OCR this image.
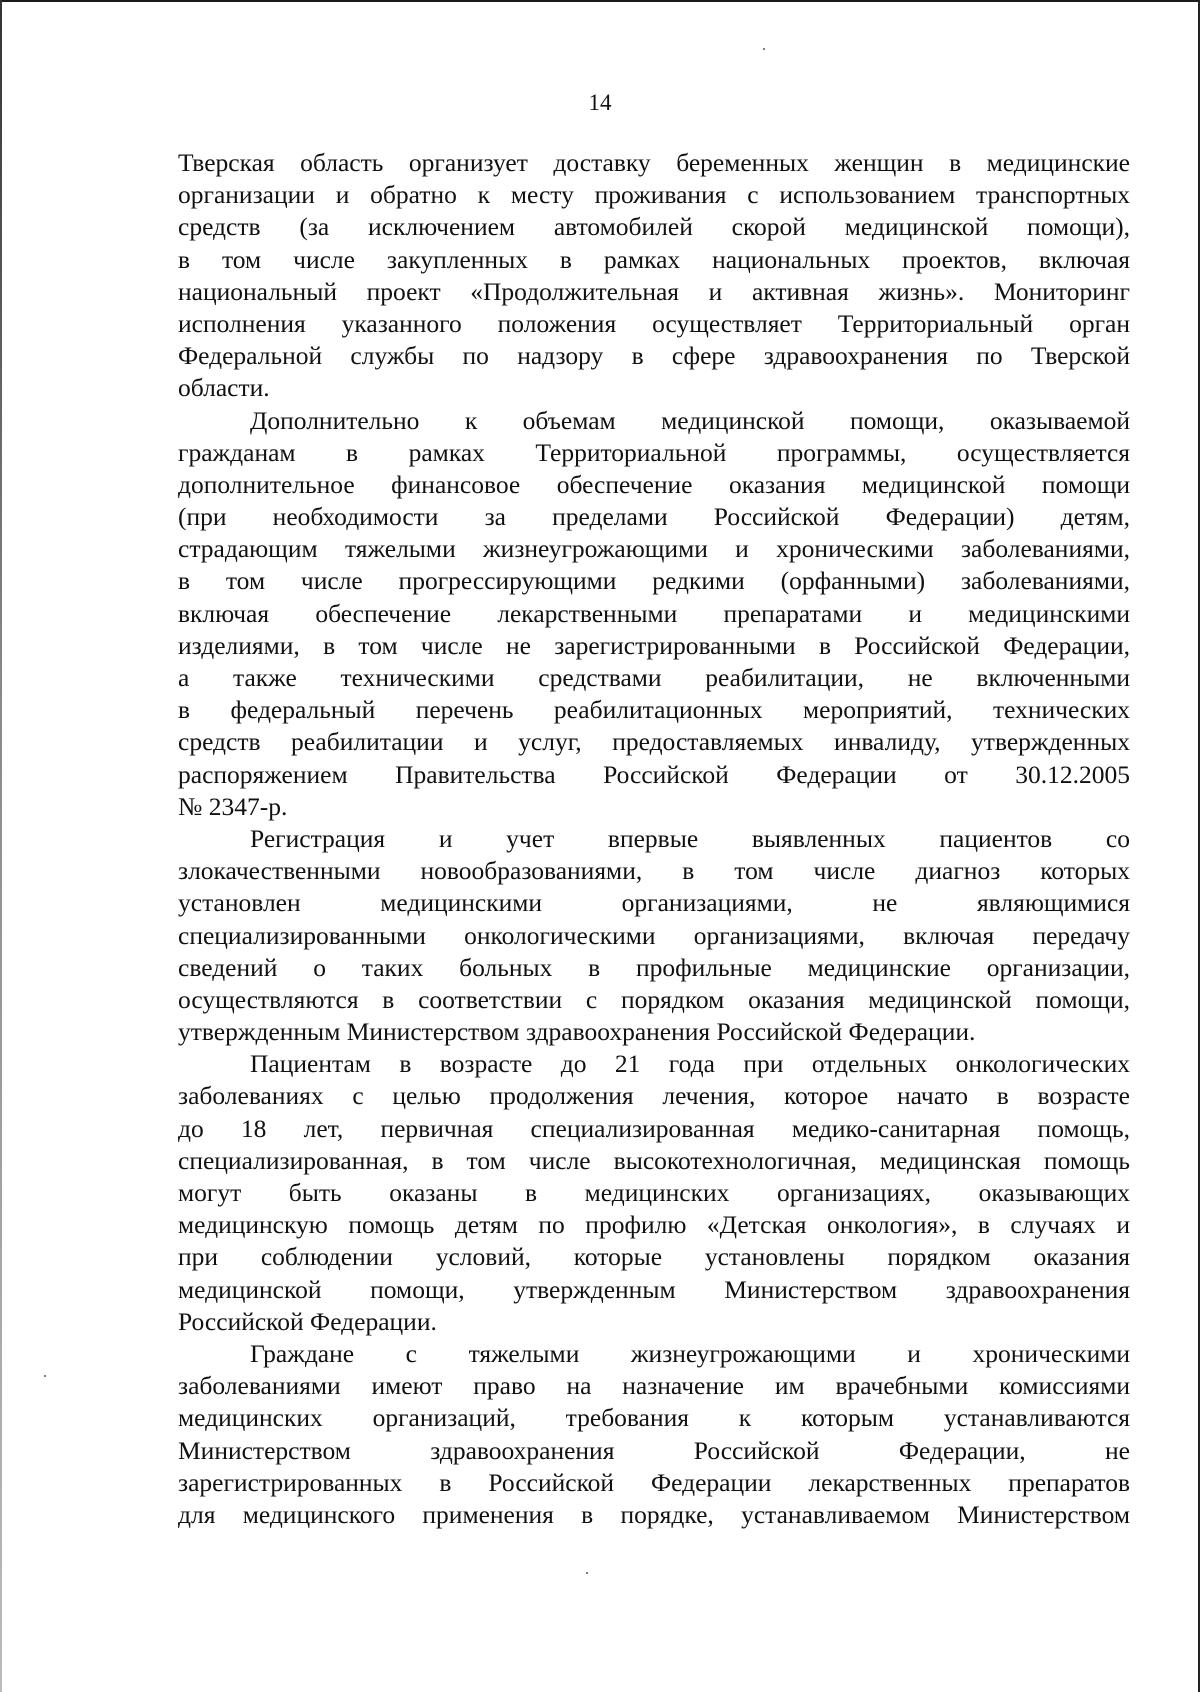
14
Тверская область организует доставку беременных женщин в медицинские
организации и обратно к месту проживания с использованием транспортных
средств (за исключением автомобилей скорой медицинской помощи),
в том числе закупленных в рамках национальных проектов, включая
национальный проект «Продолжительная и активная жизнь». Мониторинг
исполнения указанного положения осуществляет Территориальный орган
Федеральной службы по надзору в сфере здравоохранения по Тверской
области.
Дополнительно к объемам медицинской помощи, оказываемой
гражданам в рамках Территориальной программы, осуществляется
дополнительное финансовое обеспечение оказания медицинской помощи
(при необходимости за пределами Российской Федерации) детям,
страдающим тяжелыми жизнеугрожающими и хроническими заболеваниями,
в том числе прогрессирующими редкими (орфанными) заболеваниями,
включая обеспечение лекарственными препаратами и медицинскими
изделиями, в том числе не зарегистрированными в Российской Федерации,
а также техническими средствами реабилитации, не включенными
в федеральный перечень реабилитационных мероприятий, технических
средств реабилитации и услуг, предоставляемых инвалиду, утвержденных
распоряжением Правительства Российской Федерации от 30.12.2005
№ 2347-р.
Регистрация и учет впервые выявленных пациентов со
злокачественными новообразованиями, в том числе диагноз которых
установлен медицинскими организациями, не являющимися
специализированными онкологическими организациями, включая передачу
сведений о таких больных в профильные медицинские организации,
осуществляются в соответствии с порядком оказания медицинской помощи,
утвержденным Министерством здравоохранения Российской Федерации.
Пациентам в возрасте до 21 года при отдельных онкологических
заболеваниях с целью продолжения лечения, которое начато в возрасте
до 18 лет, первичная специализированная медико-санитарная помощь,
специализированная, в том числе высокотехнологичная, медицинская помощь
могут быть оказаны в медицинских организациях, оказывающих
медицинскую помощь детям по профилю «Детская онкология», в случаях и
при соблюдении условий, которые установлены порядком оказания
медицинской помощи, утвержденным Министерством здравоохранения
Российской Федерации.
Граждане с тяжелыми жизнеугрожающими и хроническими
заболеваниями имеют право на назначение им врачебными комиссиями
медицинских организаций, требования к которым устанавливаются
Министерством здравоохранения Российской Федерации, не
зарегистрированных в Российской Федерации лекарственных препаратов
для медицинского применения в порядке, устанавливаемом Министерством
